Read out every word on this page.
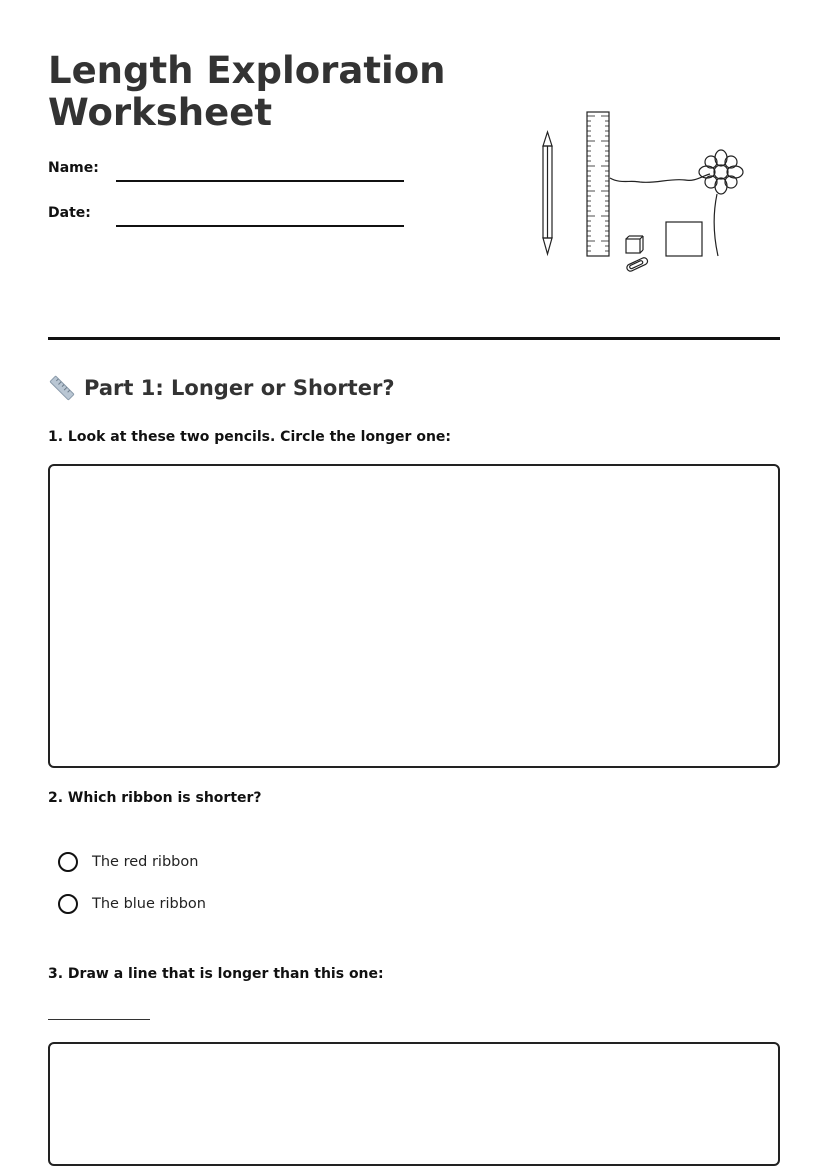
Length Exploration Worksheet
Name:
Date:
Part 1: Longer or Shorter?
1. Look at these two pencils. Circle the longer one:
2. Which ribbon is shorter?
The red ribbon
The blue ribbon
3. Draw a line that is longer than this one:
